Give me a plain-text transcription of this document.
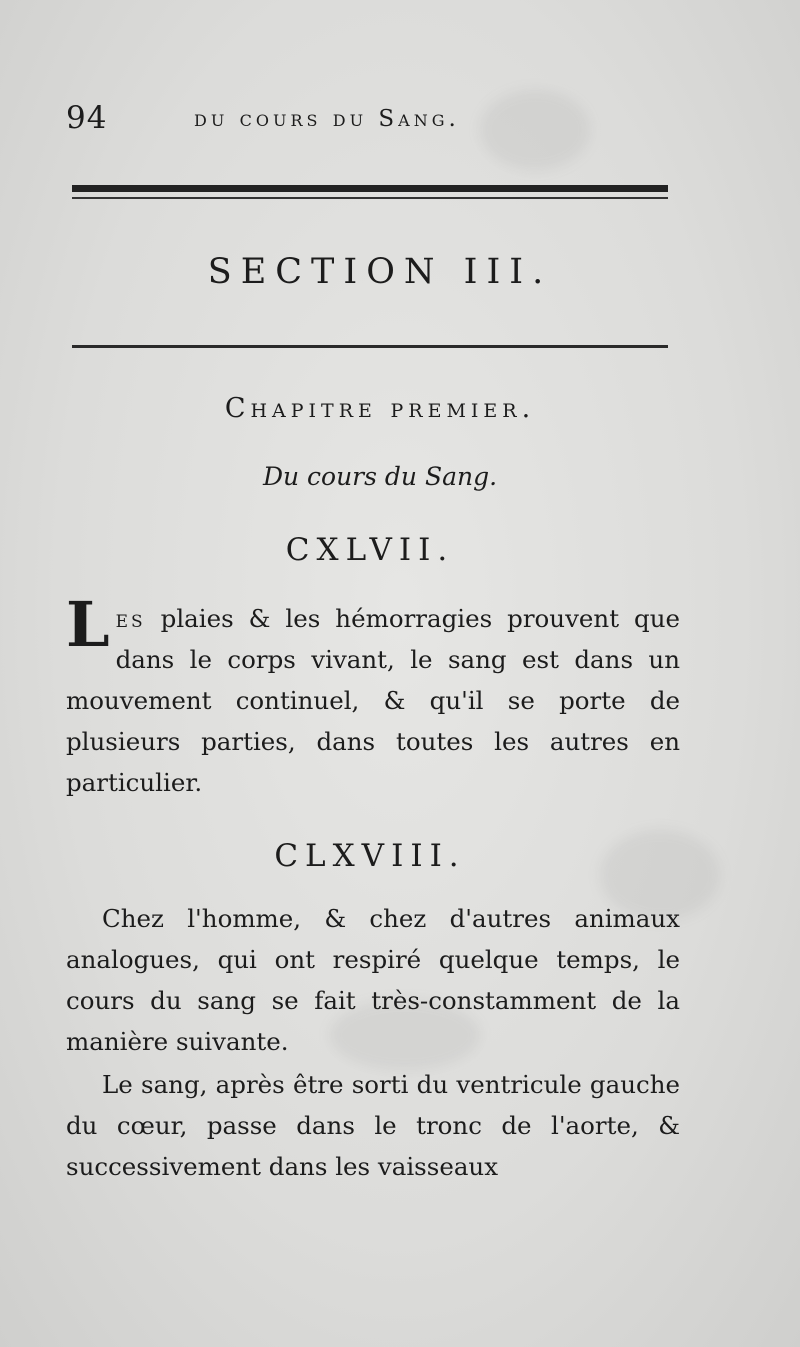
94	du cours du Sang.
SECTION III.
Chapitre premier.
Du cours du Sang.
CXLVII.
Les plaies & les hémorragies prouvent que dans le corps vivant, le sang est dans un mouvement continuel, & qu'il se porte de plusieurs parties, dans toutes les autres en particulier.
CLXVIII.
Chez l'homme, & chez d'autres animaux analogues, qui ont respiré quelque temps, le cours du sang se fait très-constamment de la manière suivante.
Le sang, après être sorti du ventricule gauche du cœur, passe dans le tronc de l'aorte, & successivement dans les vaisseaux
